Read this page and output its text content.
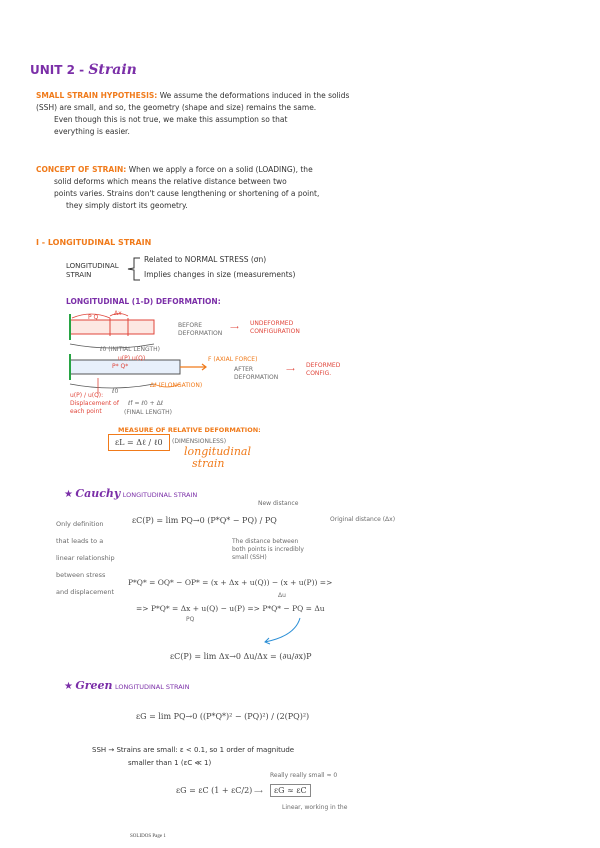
UNIT 2 - Strain
SMALL STRAIN HYPOTHESIS: We assume the deformations induced in the solids
(SSH) are small, and so, the geometry (shape and size) remains the same.
Even though this is not true, we make this assumption so that
everything is easier.
CONCEPT OF STRAIN: When we apply a force on a solid (LOADING), the
solid deforms which means the relative distance between two
points varies. Strains don't cause lengthening or shortening of a point,
they simply distort its geometry.
I - LONGITUDINAL STRAIN
LONGITUDINAL STRAIN
Related to NORMAL STRESS (σn)
Implies changes in size (measurements)
LONGITUDINAL (1-D) DEFORMATION:
P Q
Δx
ℓ0 (INITIAL LENGTH)
u(P) u(Q)
P* Q*
F (AXIAL FORCE)
ℓ0
Δℓ (ELONGATION)
u(P) / u(Q): Displacement of each point
ℓf = ℓ0 + Δℓ
(FINAL LENGTH)
BEFORE DEFORMATION
⟶
UNDEFORMED CONFIGURATION
AFTER DEFORMATION
⟶
DEFORMED CONFIG.
MEASURE OF RELATIVE DEFORMATION:
εL = Δℓ / ℓ0	(DIMENSIONLESS)
longitudinal
strain
★ Cauchy LONGITUDINAL STRAIN
Only definition
that leads to a
linear relationship
between stress
and displacement
New distance
εC(P) = lim PQ→0 (P*Q* − PQ) / PQ	Original distance (Δx)
The distance between both points is incredibly small (SSH)
P*Q* = OQ* − OP* = (x + Δx + u(Q)) − (x + u(P)) =>
Δu
=> P*Q* = Δx + u(Q) − u(P) => P*Q* − PQ = Δu
PQ
εC(P) = lim Δx→0 Δu/Δx = (∂u/∂x)P
★ Green LONGITUDINAL STRAIN
εG = lim PQ→0 ((P*Q*)² − (PQ)²) / (2(PQ)²)
SSH → Strains are small: ε < 0.1, so 1 order of magnitude
smaller than 1 (εC ≪ 1)
Really really small ≈ 0
εG = εC (1 + εC/2) ⟶	εG ≈ εC
Linear, working in the
SOLIDOS Page 1
